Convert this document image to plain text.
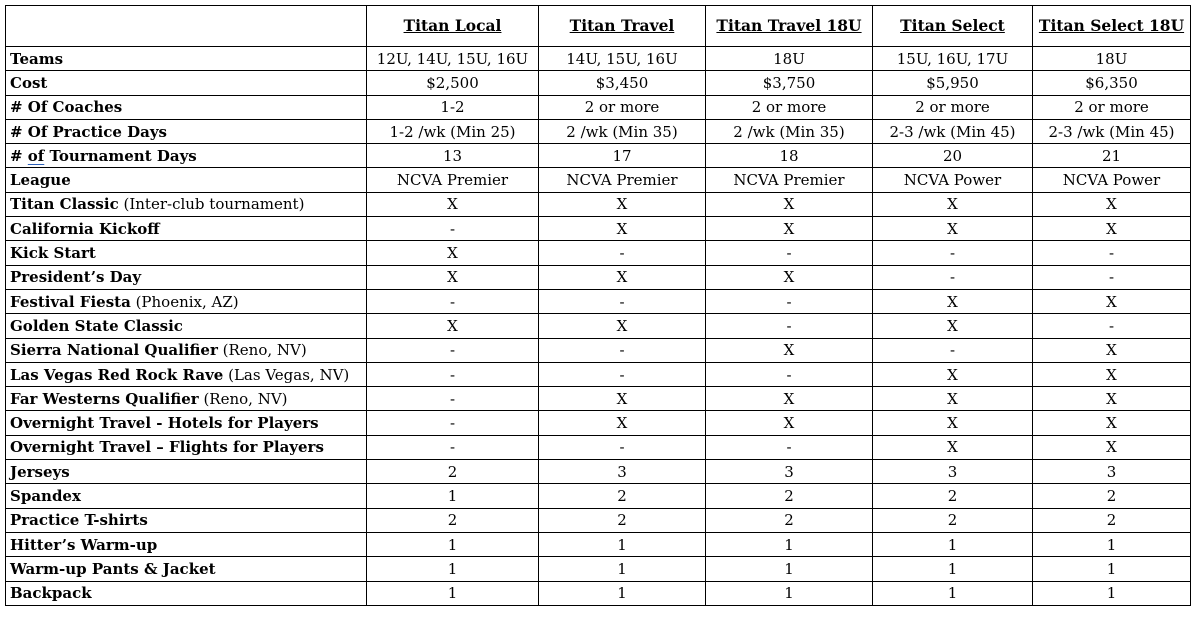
	Titan Local	Titan Travel	Titan Travel 18U	Titan Select	Titan Select 18U
Teams	12U, 14U, 15U, 16U	14U, 15U, 16U	18U	15U, 16U, 17U	18U
Cost	$2,500	$3,450	$3,750	$5,950	$6,350
# Of Coaches	1-2	2 or more	2 or more	2 or more	2 or more
# Of Practice Days	1-2 /wk (Min 25)	2 /wk (Min 35)	2 /wk (Min 35)	2-3 /wk (Min 45)	2-3 /wk (Min 45)
# of Tournament Days	13	17	18	20	21
League	NCVA Premier	NCVA Premier	NCVA Premier	NCVA Power	NCVA Power
Titan Classic (Inter-club tournament)	X	X	X	X	X
California Kickoff	-	X	X	X	X
Kick Start	X	-	-	-	-
President’s Day	X	X	X	-	-
Festival Fiesta (Phoenix, AZ)	-	-	-	X	X
Golden State Classic	X	X	-	X	-
Sierra National Qualifier (Reno, NV)	-	-	X	-	X
Las Vegas Red Rock Rave (Las Vegas, NV)	-	-	-	X	X
Far Westerns Qualifier (Reno, NV)	-	X	X	X	X
Overnight Travel - Hotels for Players	-	X	X	X	X
Overnight Travel – Flights for Players	-	-	-	X	X
Jerseys	2	3	3	3	3
Spandex	1	2	2	2	2
Practice T-shirts	2	2	2	2	2
Hitter’s Warm-up	1	1	1	1	1
Warm-up Pants & Jacket	1	1	1	1	1
Backpack	1	1	1	1	1
